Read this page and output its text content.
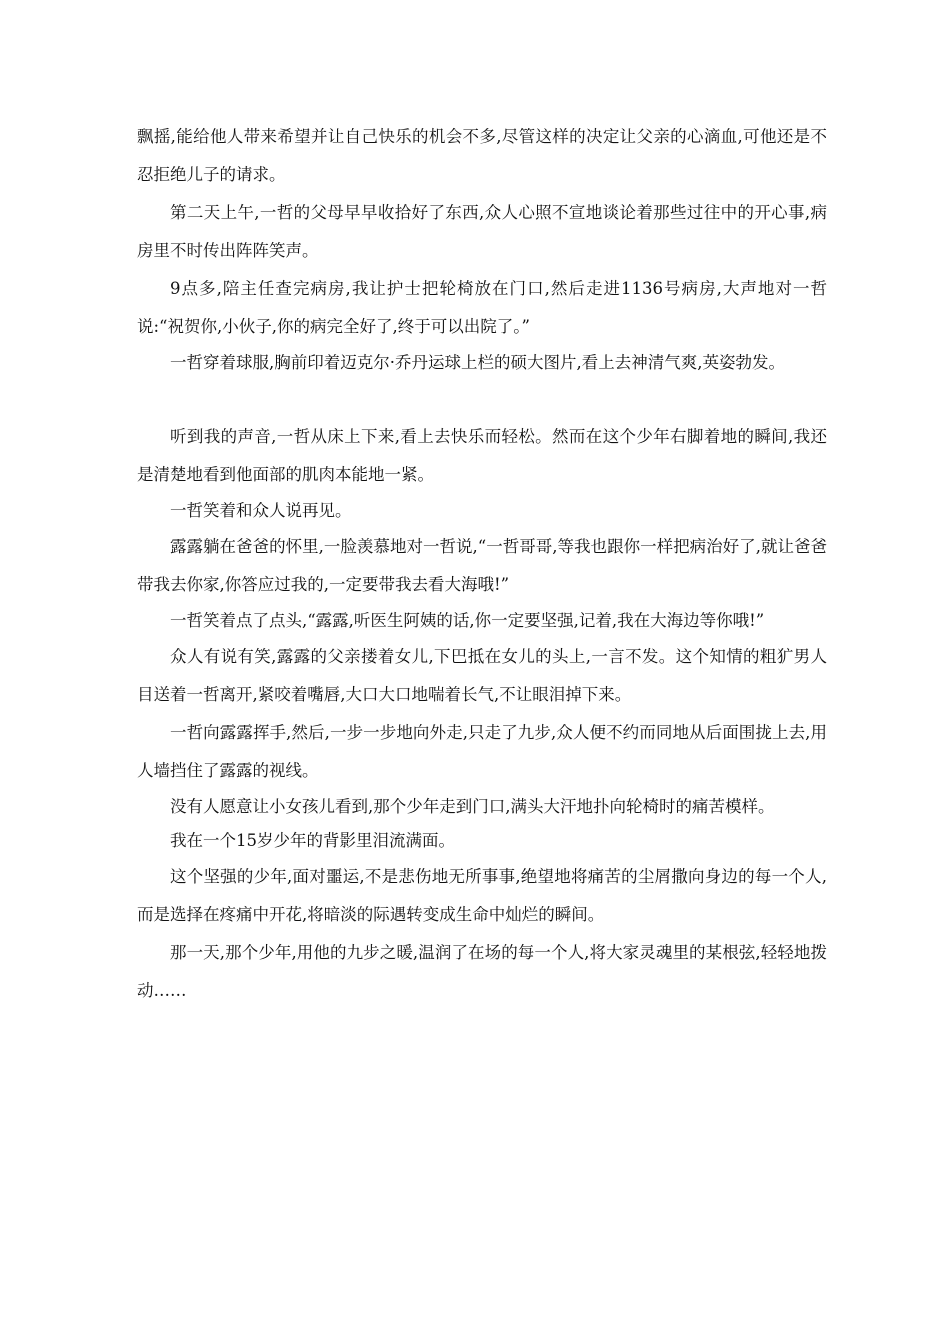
飘摇,能给他人带来希望并让自己快乐的机会不多,尽管这样的决定让父亲的心滴血,可他还是不忍拒绝儿子的请求。

第二天上午,一哲的父母早早收拾好了东西,众人心照不宣地谈论着那些过往中的开心事,病房里不时传出阵阵笑声。

9点多,陪主任查完病房,我让护士把轮椅放在门口,然后走进1136号病房,大声地对一哲说:“祝贺你,小伙子,你的病完全好了,终于可以出院了。”

一哲穿着球服,胸前印着迈克尔·乔丹运球上栏的硕大图片,看上去神清气爽,英姿勃发。

听到我的声音,一哲从床上下来,看上去快乐而轻松。然而在这个少年右脚着地的瞬间,我还是清楚地看到他面部的肌肉本能地一紧。

一哲笑着和众人说再见。

露露躺在爸爸的怀里,一脸羡慕地对一哲说,“一哲哥哥,等我也跟你一样把病治好了,就让爸爸带我去你家,你答应过我的,一定要带我去看大海哦!”

一哲笑着点了点头,“露露,听医生阿姨的话,你一定要坚强,记着,我在大海边等你哦!”

众人有说有笑,露露的父亲搂着女儿,下巴抵在女儿的头上,一言不发。这个知情的粗犷男人目送着一哲离开,紧咬着嘴唇,大口大口地喘着长气,不让眼泪掉下来。

一哲向露露挥手,然后,一步一步地向外走,只走了九步,众人便不约而同地从后面围拢上去,用人墙挡住了露露的视线。

没有人愿意让小女孩儿看到,那个少年走到门口,满头大汗地扑向轮椅时的痛苦模样。

我在一个15岁少年的背影里泪流满面。

这个坚强的少年,面对噩运,不是悲伤地无所事事,绝望地将痛苦的尘屑撒向身边的每一个人,而是选择在疼痛中开花,将暗淡的际遇转变成生命中灿烂的瞬间。

那一天,那个少年,用他的九步之暖,温润了在场的每一个人,将大家灵魂里的某根弦,轻轻地拨动……
